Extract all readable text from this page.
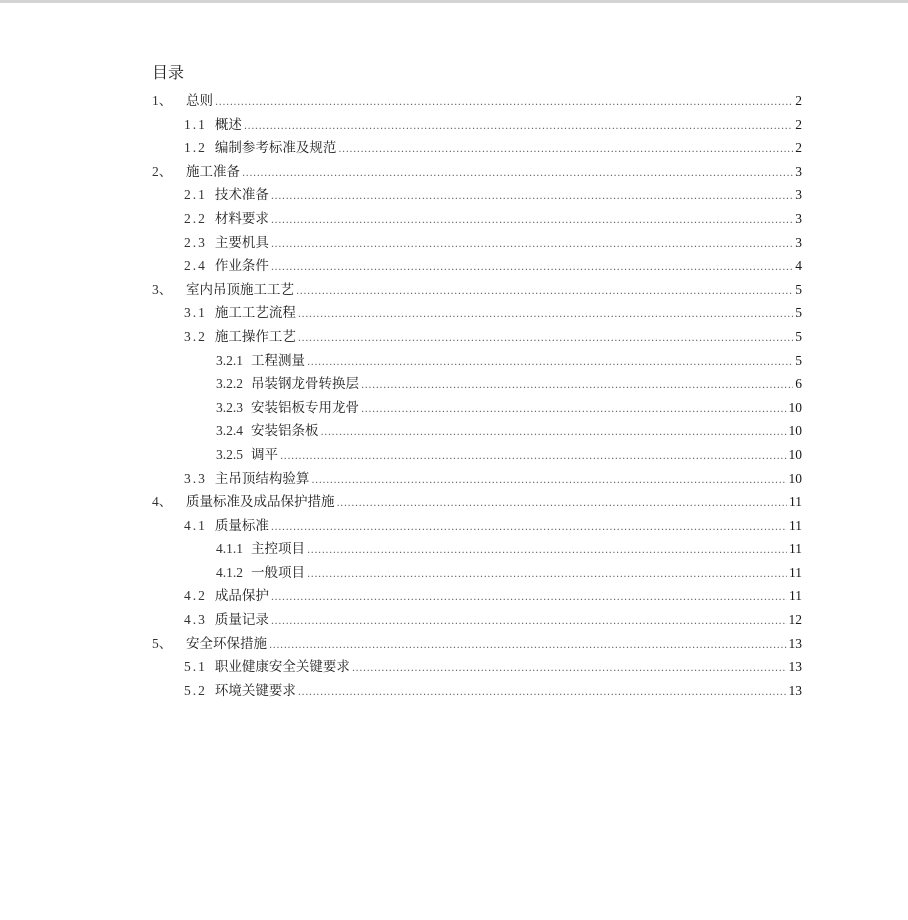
目录
1、	总则 .....	2
1.1 概述 .....	2
1.2 编制参考标准及规范 .....	2
2、	施工准备 .....	3
2.1 技术准备 .....	3
2.2 材料要求 .....	3
2.3 主要机具 .....	3
2.4 作业条件 .....	4
3、	室内吊顶施工工艺 .....	5
3.1 施工工艺流程 .....	5
3.2 施工操作工艺 .....	5
3.2.1 工程测量 .....	5
3.2.2 吊装钢龙骨转换层 .....	6
3.2.3 安装铝板专用龙骨 .....	10
3.2.4 安装铝条板 .....	10
3.2.5 调平 .....	10
3.3 主吊顶结构验算 .....	10
4、	质量标准及成品保护措施 .....	11
4.1 质量标准 .....	11
4.1.1 主控项目 .....	11
4.1.2 一般项目 .....	11
4.2 成品保护 .....	11
4.3 质量记录 .....	12
5、	安全环保措施 .....	13
5.1 职业健康安全关键要求 .....	13
5.2 环境关键要求 .....	13
